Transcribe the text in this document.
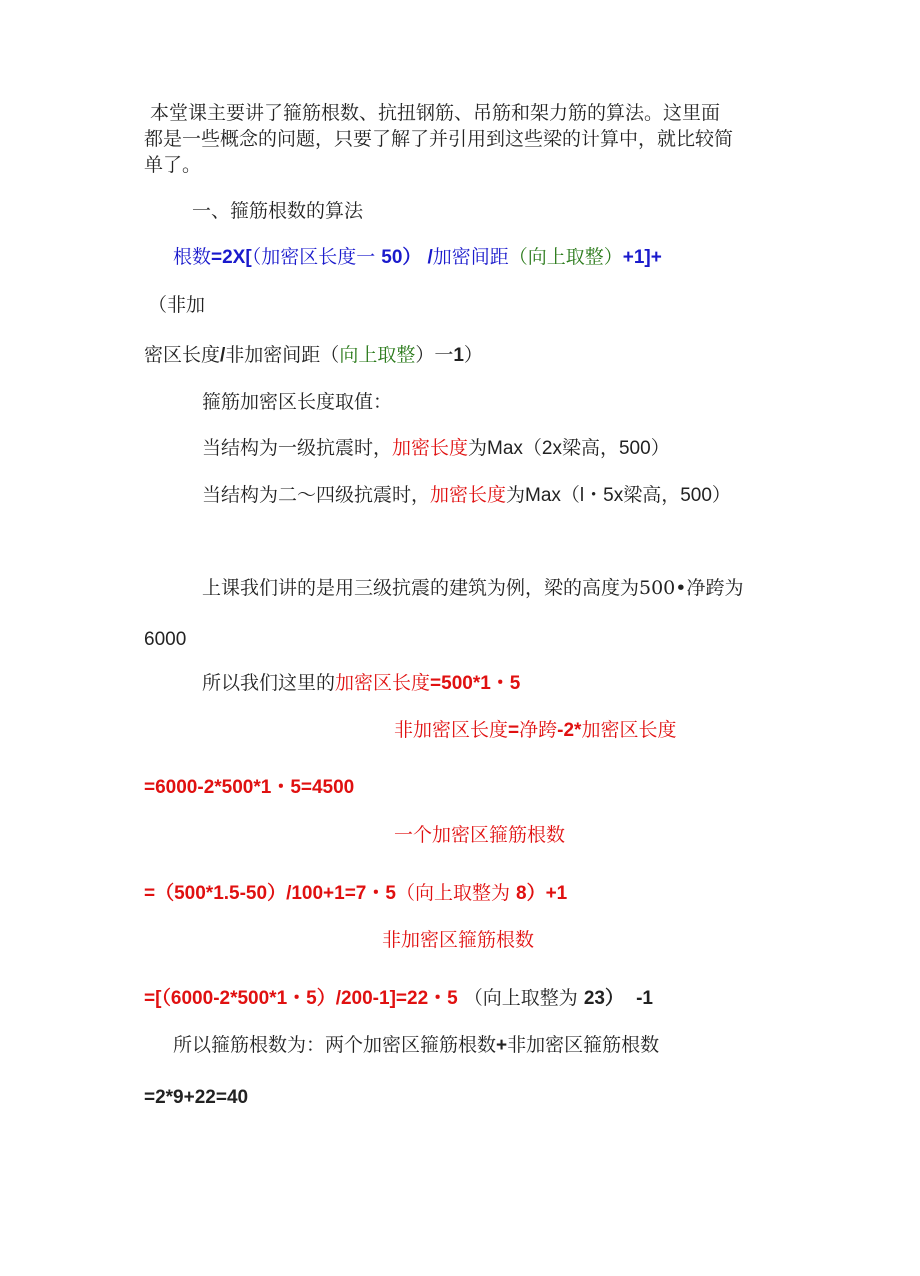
本堂课主要讲了箍筋根数、抗扭钢筋、吊筋和架力筋的算法。这里面
都是一些概念的问题，只要了解了并引用到这些梁的计算中，就比较简
单了。
一、箍筋根数的算法
根数=2X[（加密区长度一 50） /加密间距（向上取整）+1]+
（非加
密区长度/非加密间距（向上取整）一1）
箍筋加密区长度取值：
当结构为一级抗震时，加密长度为Max（2x梁高，500）
当结构为二〜四级抗震时，加密长度为Max（l・5x梁高，500）
上课我们讲的是用三级抗震的建筑为例，梁的高度为500•净跨为
6000
所以我们这里的加密区长度=500*1・5
非加密区长度=净跨-2*加密区长度
=6000-2*500*1・5=4500
一个加密区箍筋根数
=（500*1.5-50）/100+1=7・5（向上取整为 8）+1
非加密区箍筋根数
=[（6000-2*500*1・5）/200-1]=22・5 （向上取整为 23） -1
所以箍筋根数为：两个加密区箍筋根数+非加密区箍筋根数
=2*9+22=40
